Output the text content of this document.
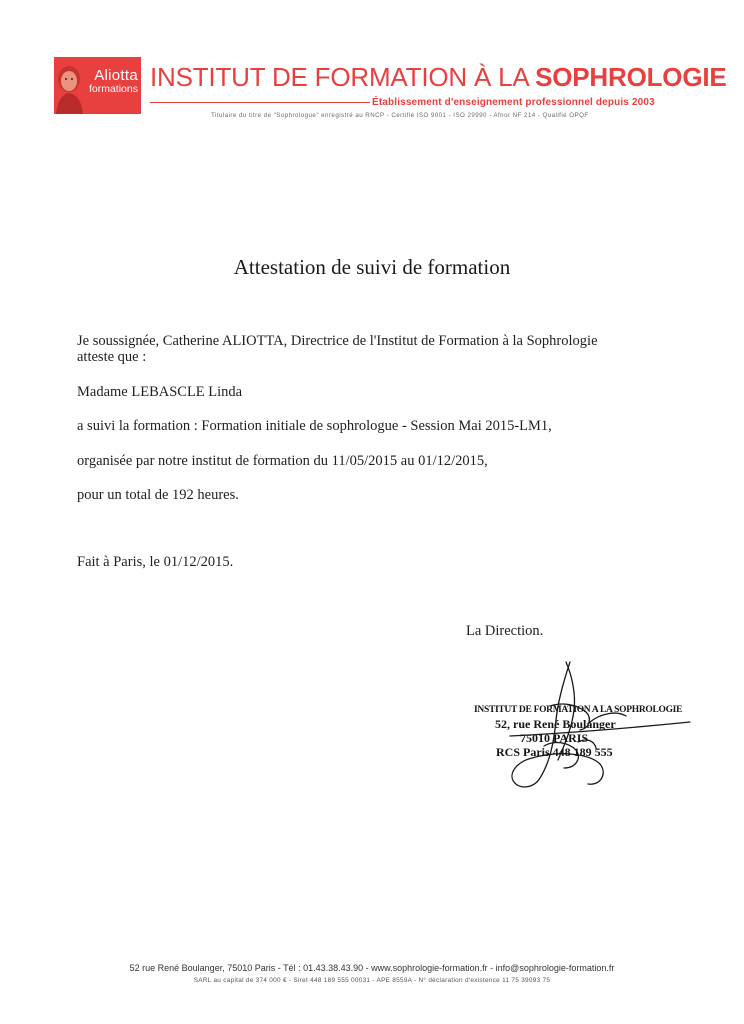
Aliotta
formations INSTITUT DE FORMATION À LA SOPHROLOGIE
Établissement d'enseignement professionnel depuis 2003
Titulaire du titre de "Sophrologue" enregistré au RNCP - Certifié ISO 9001 - ISO 29990 - Afnor NF 214 - Qualifié OPQF
Attestation de suivi de formation
Je soussignée, Catherine ALIOTTA, Directrice de l'Institut de Formation à la Sophrologie
atteste que :
Madame LEBASCLE Linda
a suivi la formation : Formation initiale de sophrologue - Session Mai 2015-LM1,
organisée par notre institut de formation du 11/05/2015 au 01/12/2015,
pour un total de 192 heures.
Fait à Paris, le 01/12/2015.
La Direction.
INSTITUT DE FORMATION A LA SOPHROLOGIE
52, rue René Boulanger
75010 PARIS
RCS Paris 448 189 555
52 rue René Boulanger, 75010 Paris - Tél : 01.43.38.43.90 - www.sophrologie-formation.fr - info@sophrologie-formation.fr
SARL au capital de 374 000 € - Siret 448 189 555 00031 - APE 8559A - N° déclaration d'existence 11 75 39093 75
